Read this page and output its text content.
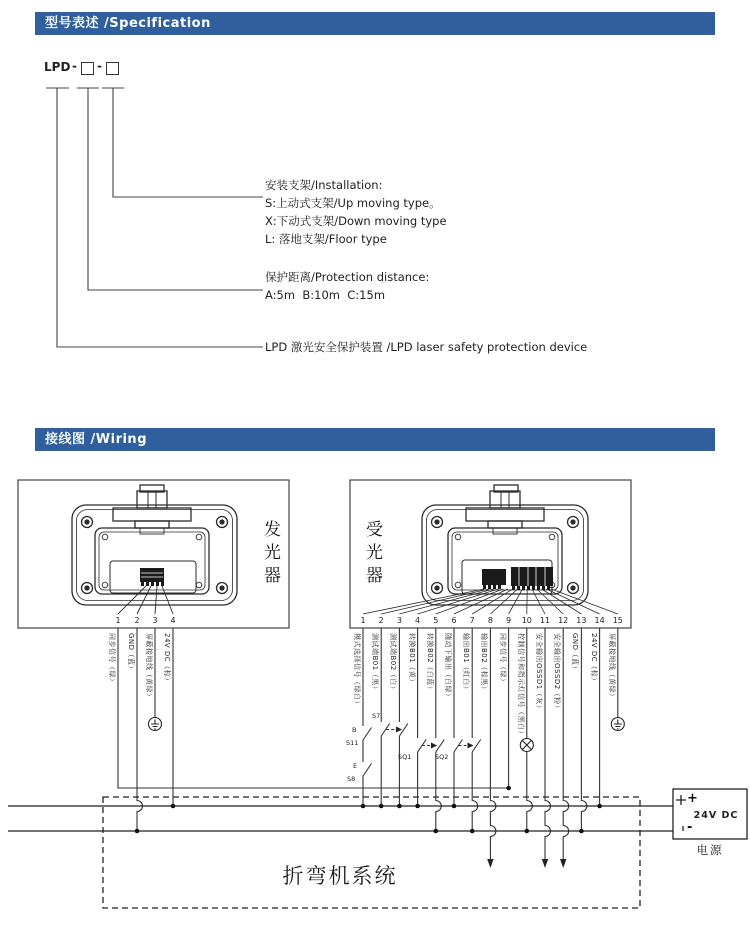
型号表述 /Specification
LPD - -
安装支架/Installation:
S:上动式支架/Up moving type。
X:下动式支架/Down moving type
L: 落地支架/Floor type
保护距离/Protection distance:
A:5m  B:10m  C:15m
LPD 激光安全保护装置 /LPD laser safety protection device
接线图 /Wiring
发光器	受光器
1
同步信号（绿）
2
GND（蓝）
3
屏蔽接地线（黄绿）
4
24V DC（棕）
1
模式选择信号（绿白）
2
测试端B01（黑）
3
测试端B02（白）
4
转换B01（黄）
5
转换B02（白蓝）
6
随动下输出（白绿）
7
输出B01（红白）
8
输出B02（棕黑）
9
同步信号（绿）
10
控制信号和指示灯信号（黑白）
11
安全输出OSSD1（灰）
12
安全输出OSSD2（粉）
13
GND（蓝）
14
24V DC（棕）
15
屏蔽接地线（黄绿）
B
S11
S7
E
S8
SQ1	SQ2
折弯机系统
+
24V DC
-
电源
